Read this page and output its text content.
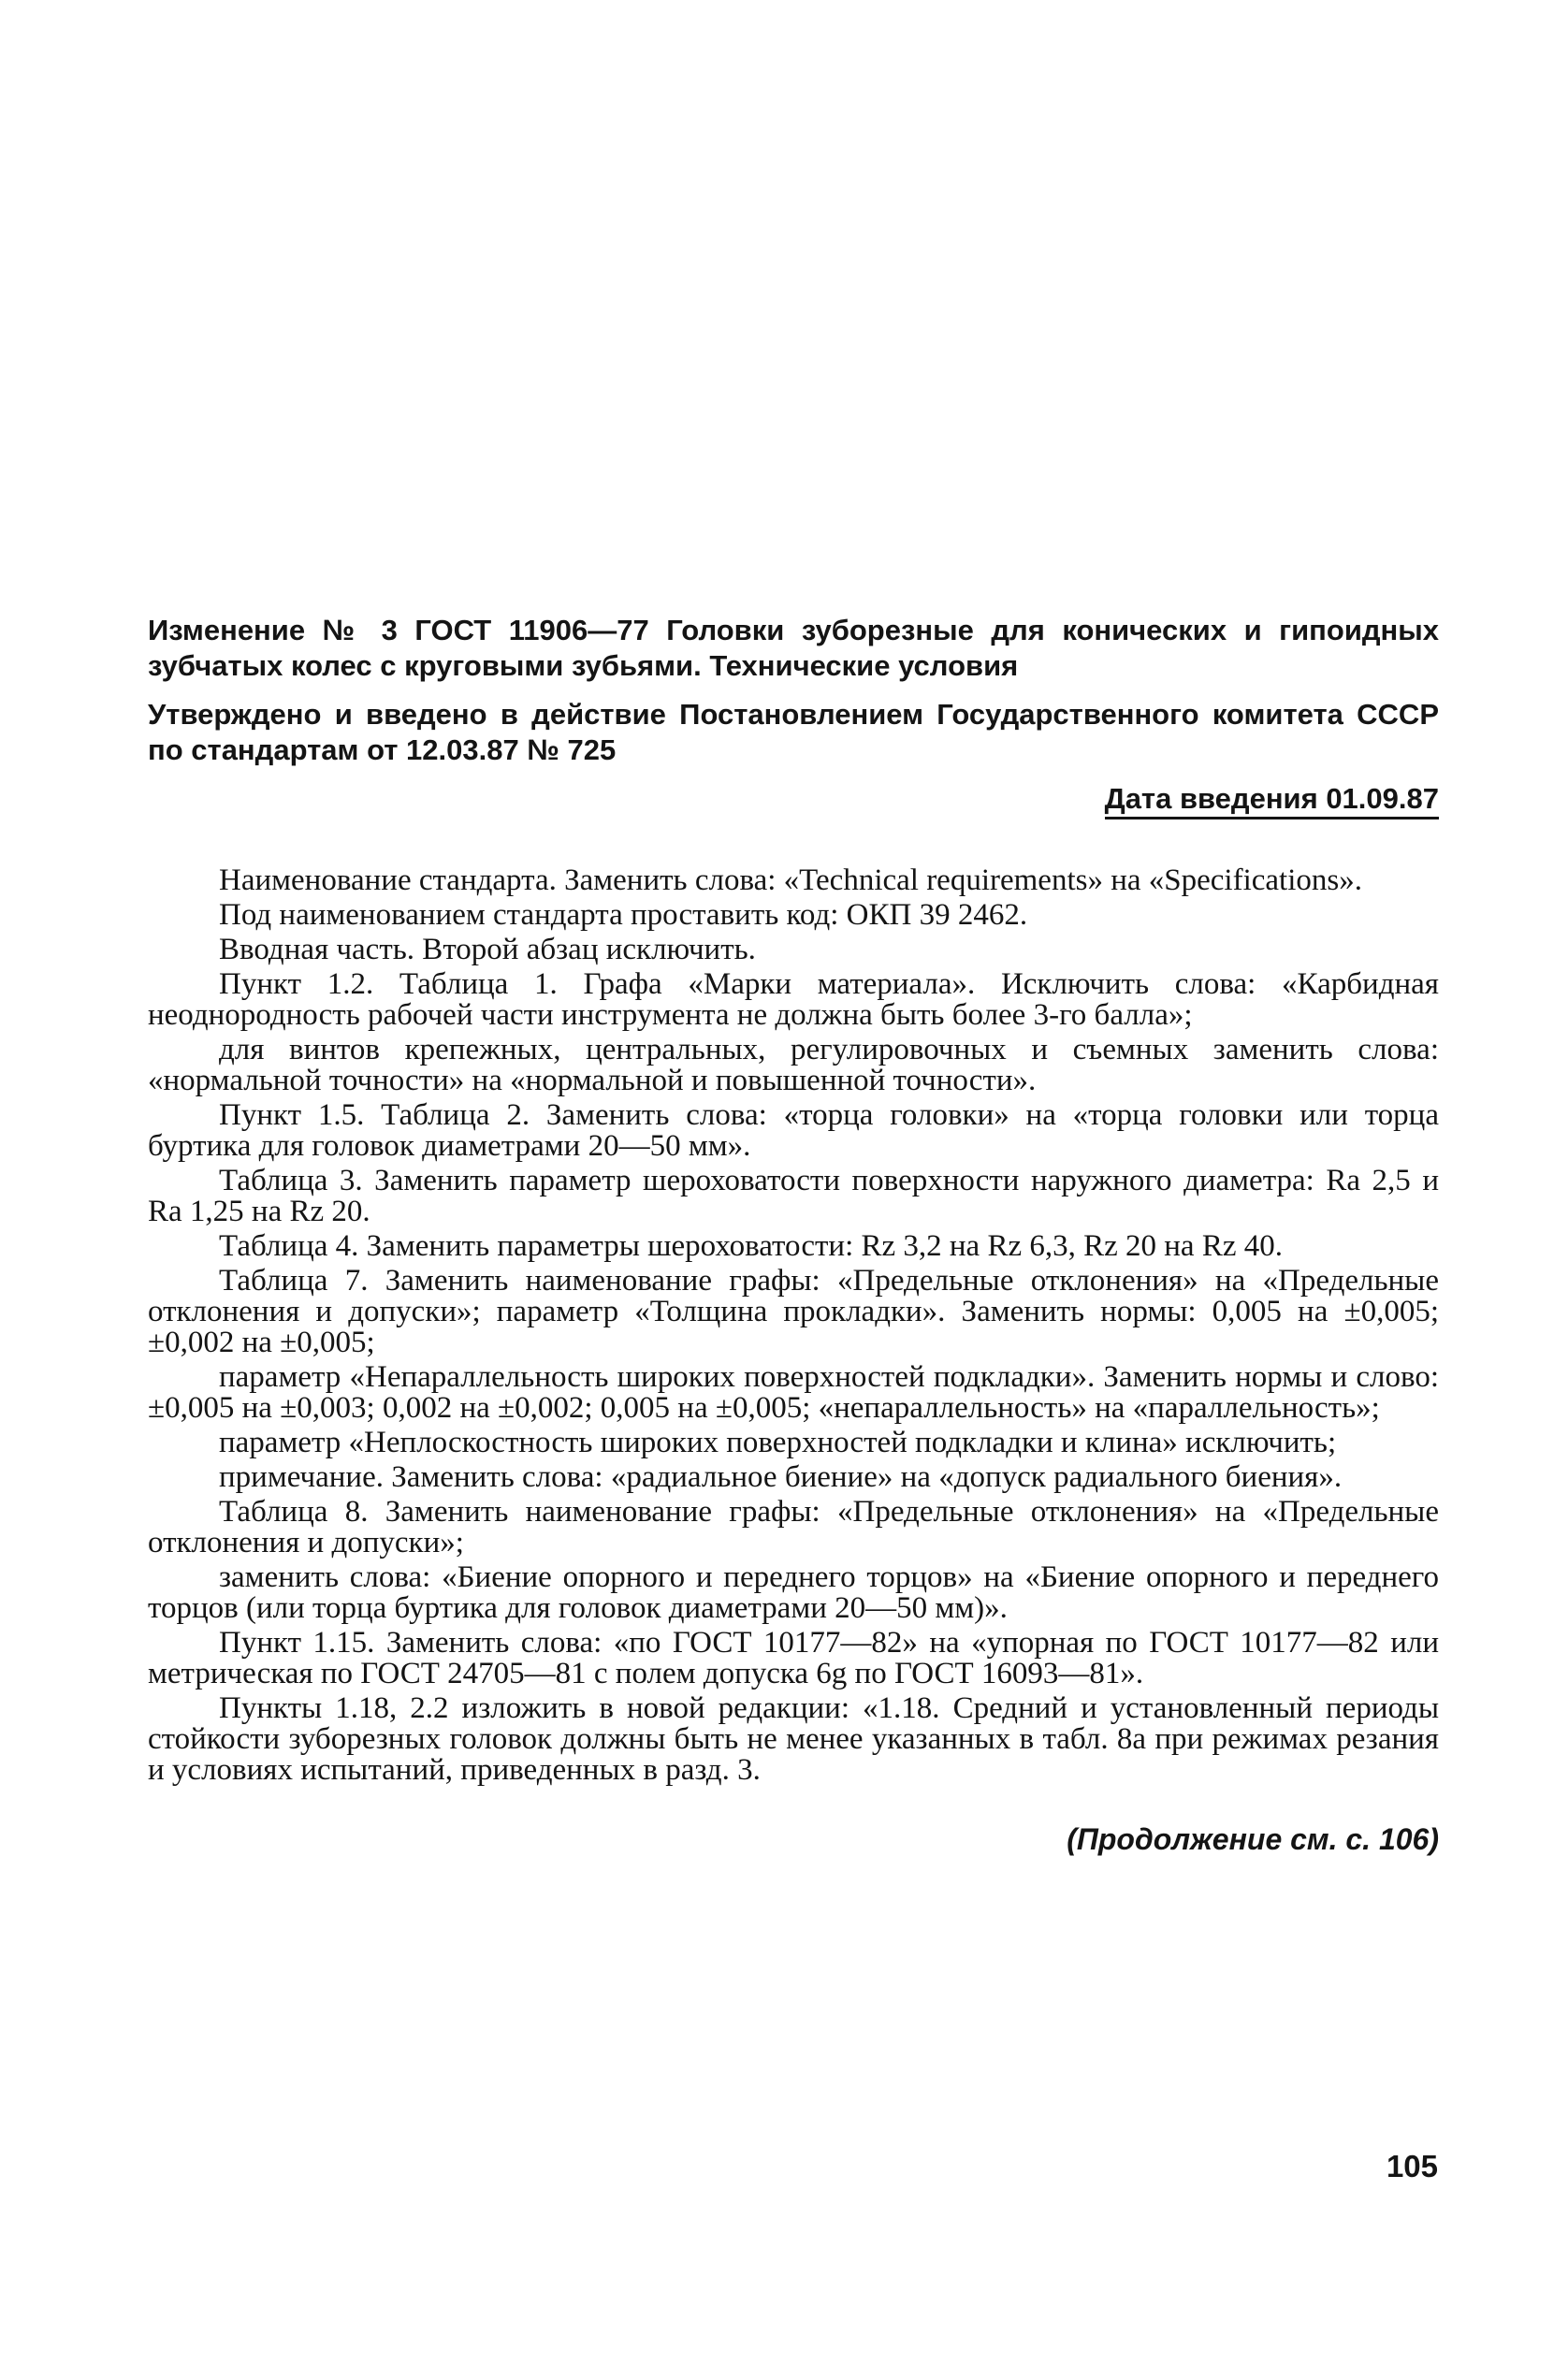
Изменение № 3 ГОСТ 11906—77 Головки зуборезные для конических и гипоидных зубчатых колес с круговыми зубьями. Технические условия

Утверждено и введено в действие Постановлением Государственного комитета СССР по стандартам от 12.03.87 № 725

Дата введения 01.09.87

Наименование стандарта. Заменить слова: «Technical requirements» на «Specifications».

Под наименованием стандарта проставить код: ОКП 39 2462.

Вводная часть. Второй абзац исключить.

Пункт 1.2. Таблица 1. Графа «Марки материала». Исключить слова: «Карбидная неоднородность рабочей части инструмента не должна быть более 3-го балла»;

для винтов крепежных, центральных, регулировочных и съемных заменить слова: «нормальной точности» на «нормальной и повышенной точности».

Пункт 1.5. Таблица 2. Заменить слова: «торца головки» на «торца головки или торца буртика для головок диаметрами 20—50 мм».

Таблица 3. Заменить параметр шероховатости поверхности наружного диаметра: Ra 2,5 и Ra 1,25 на Rz 20.

Таблица 4. Заменить параметры шероховатости: Rz 3,2 на Rz 6,3, Rz 20 на Rz 40.

Таблица 7. Заменить наименование графы: «Предельные отклонения» на «Предельные отклонения и допуски»; параметр «Толщина прокладки». Заменить нормы: 0,005 на ±0,005; ±0,002 на ±0,005;

параметр «Непараллельность широких поверхностей подкладки». Заменить нормы и слово: ±0,005 на ±0,003; 0,002 на ±0,002; 0,005 на ±0,005; «непараллельность» на «параллельность»;

параметр «Неплоскостность широких поверхностей подкладки и клина» исключить;

примечание. Заменить слова: «радиальное биение» на «допуск радиального биения».

Таблица 8. Заменить наименование графы: «Предельные отклонения» на «Предельные отклонения и допуски»;

заменить слова: «Биение опорного и переднего торцов» на «Биение опорного и переднего торцов (или торца буртика для головок диаметрами 20—50 мм)».

Пункт 1.15. Заменить слова: «по ГОСТ 10177—82» на «упорная по ГОСТ 10177—82 или метрическая по ГОСТ 24705—81 с полем допуска 6g по ГОСТ 16093—81».

Пункты 1.18, 2.2 изложить в новой редакции: «1.18. Средний и установленный периоды стойкости зуборезных головок должны быть не менее указанных в табл. 8а при режимах резания и условиях испытаний, приведенных в разд. 3.

(Продолжение см. с. 106)
105
